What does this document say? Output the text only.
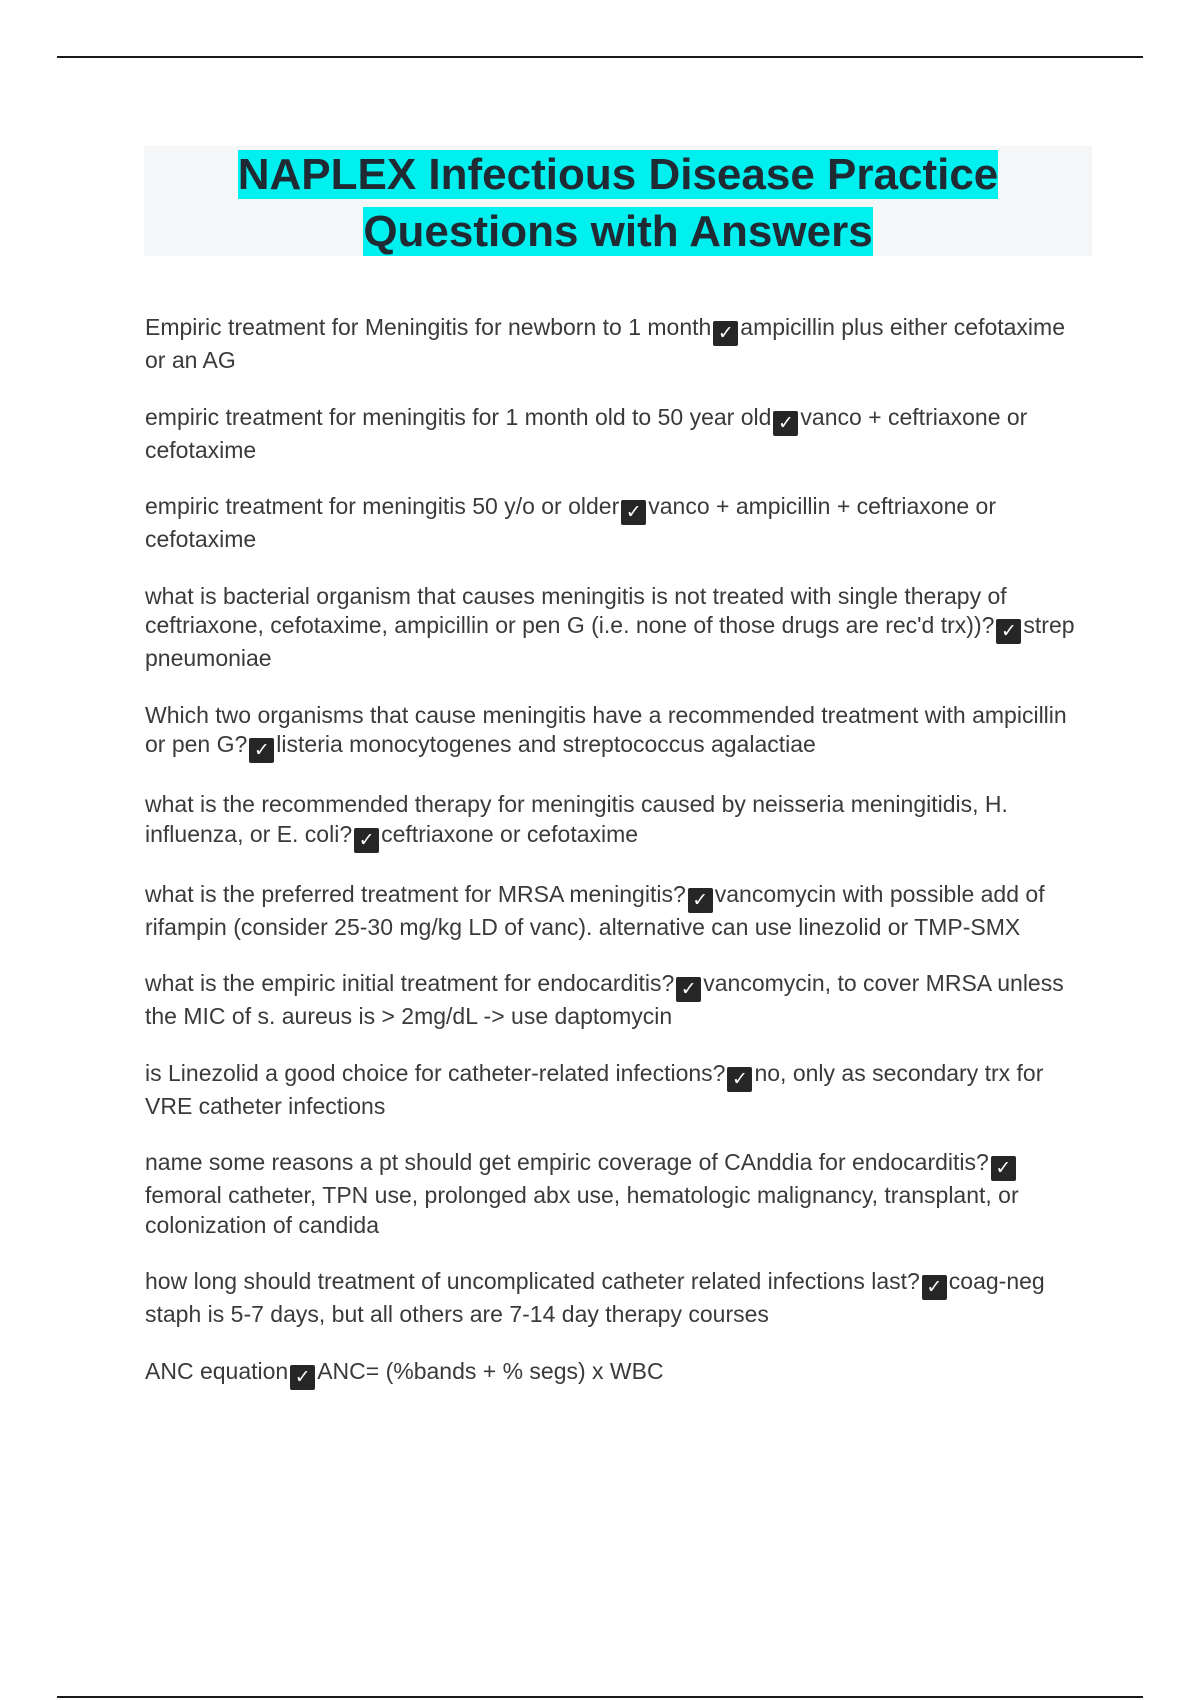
NAPLEX Infectious Disease Practice
Questions with Answers
Empiric treatment for Meningitis for newborn to 1 month ✓ ampicillin plus either cefotaxime or an AG
empiric treatment for meningitis for 1 month old to 50 year old ✓ vanco + ceftriaxone or cefotaxime
empiric treatment for meningitis 50 y/o or older ✓ vanco + ampicillin + ceftriaxone or cefotaxime
what is bacterial organism that causes meningitis is not treated with single therapy of ceftriaxone, cefotaxime, ampicillin or pen G (i.e. none of those drugs are rec'd trx))? ✓ strep pneumoniae
Which two organisms that cause meningitis have a recommended treatment with ampicillin or pen G? ✓ listeria monocytogenes and streptococcus agalactiae
what is the recommended therapy for meningitis caused by neisseria meningitidis, H. influenza, or E. coli? ✓ ceftriaxone or cefotaxime
what is the preferred treatment for MRSA meningitis? ✓ vancomycin with possible add of rifampin (consider 25-30 mg/kg LD of vanc). alternative can use linezolid or TMP-SMX
what is the empiric initial treatment for endocarditis? ✓ vancomycin, to cover MRSA unless the MIC of s. aureus is > 2mg/dL -> use daptomycin
is Linezolid a good choice for catheter-related infections? ✓ no, only as secondary trx for VRE catheter infections
name some reasons a pt should get empiric coverage of CAnddia for endocarditis? ✓femoral catheter, TPN use, prolonged abx use, hematologic malignancy, transplant, or colonization of candida
how long should treatment of uncomplicated catheter related infections last? ✓ coag-neg staph is 5-7 days, but all others are 7-14 day therapy courses
ANC equation ✓ ANC= (%bands + % segs) x WBC
